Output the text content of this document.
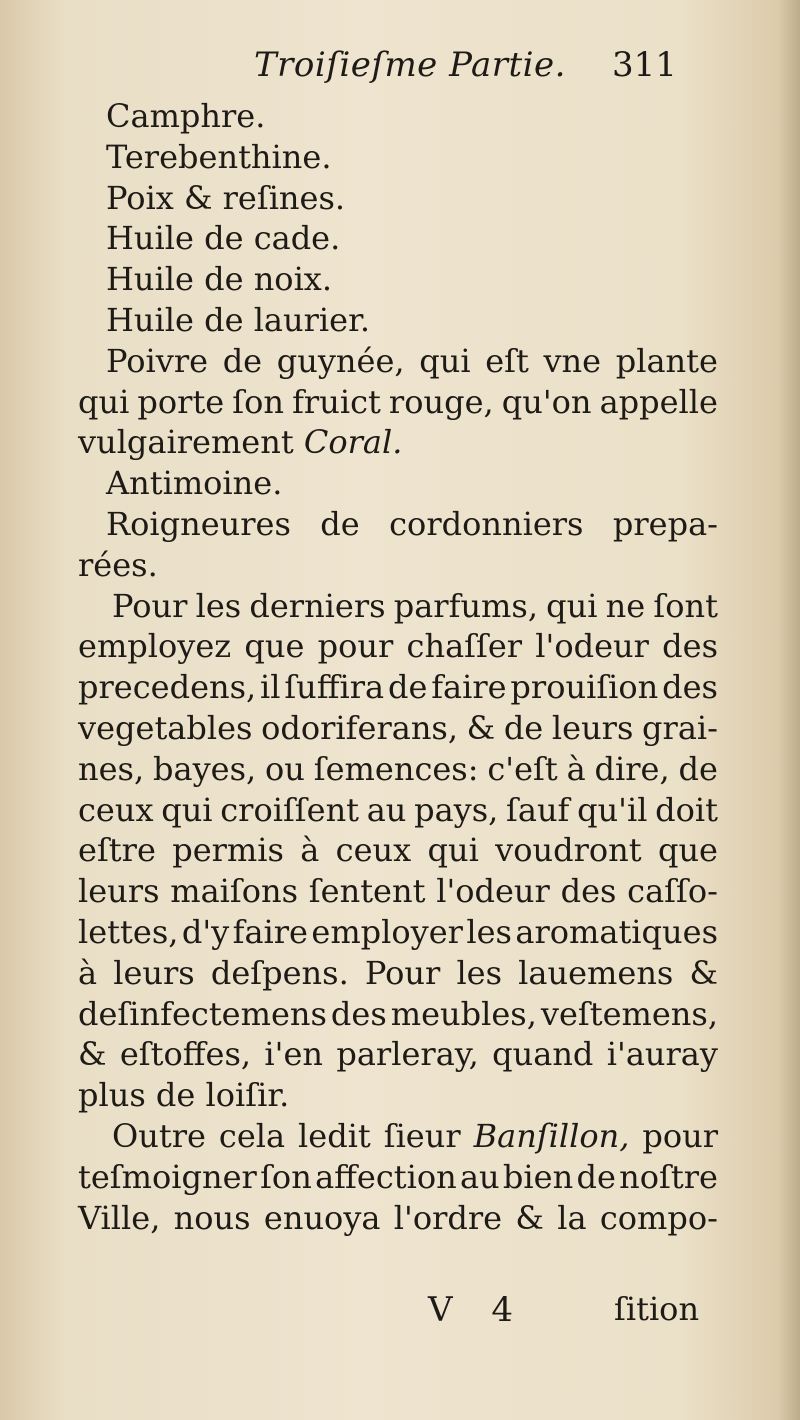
Troiſieſme Partie. 311
Camphre.
Terebenthine.
Poix & reſines.
Huile de cade.
Huile de noix.
Huile de laurier.
Poivre de guynée, qui eſt vne plante
qui porte ſon fruict rouge, qu'on appelle
vulgairement Coral.
Antimoine.
Roigneures de cordonniers prepa-
rées.
Pour les derniers parfums, qui ne ſont
employez que pour chaſſer l'odeur des
precedens, il ſuffira de faire prouiſion des
vegetables odoriferans, & de leurs grai-
nes, bayes, ou ſemences: c'eſt à dire, de
ceux qui croiſſent au pays, ſauf qu'il doit
eſtre permis à ceux qui voudront que
leurs maiſons ſentent l'odeur des caſſo-
lettes, d'y faire employer les aromatiques
à leurs deſpens. Pour les lauemens &
deſinfectemens des meubles, veſtemens,
& eſtoffes, i'en parleray, quand i'auray
plus de loiſir.
Outre cela ledit ſieur Banſillon, pour
teſmoigner ſon affection au bien de noſtre
Ville, nous enuoya l'ordre & la compo-
V 4	ſition
